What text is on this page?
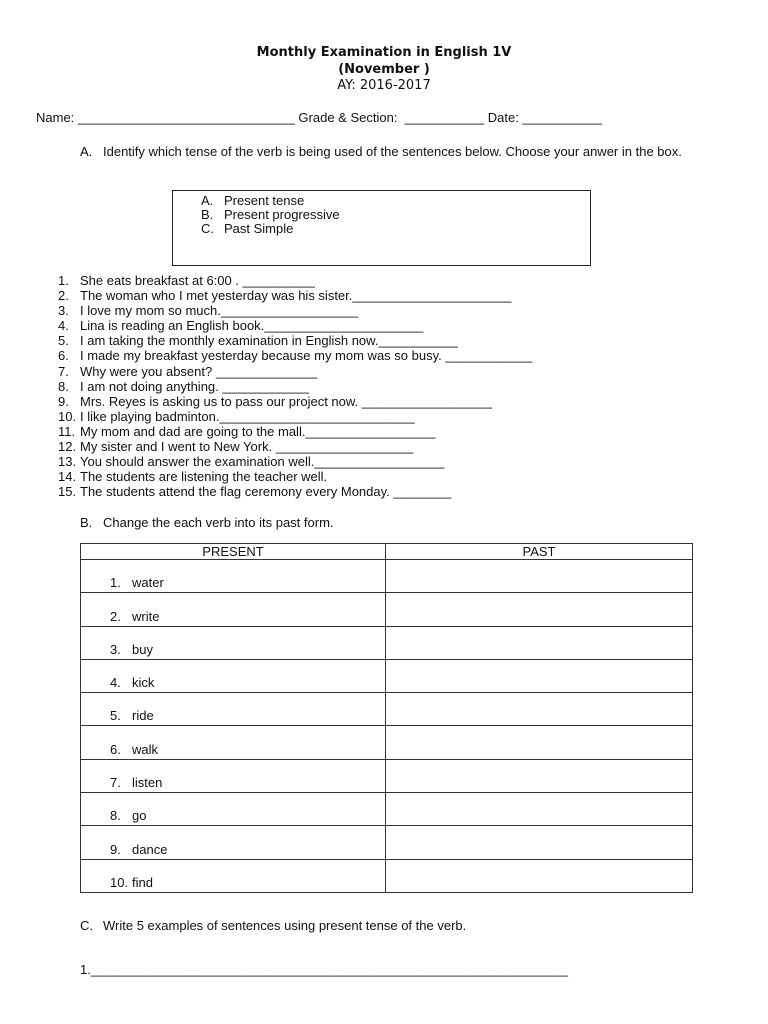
Monthly Examination in English 1V
(November )
AY: 2016-2017
Name: ______________________________ Grade & Section:  ___________ Date: ___________
A. Identify which tense of the verb is being used of the sentences below. Choose your anwer in the box.
A. Present tense
B. Present progressive
C. Past Simple
1. She eats breakfast at 6:00 . __________
2. The woman who I met yesterday was his sister.______________________
3. I love my mom so much.___________________
4. Lina is reading an English book.______________________
5. I am taking the monthly examination in English now.___________
6. I made my breakfast yesterday because my mom was so busy. ____________
7. Why were you absent? ______________
8. I am not doing anything. ____________
9. Mrs. Reyes is asking us to pass our project now. __________________
10. I like playing badminton.___________________________
11. My mom and dad are going to the mall.__________________
12. My sister and I went to New York. ___________________
13. You should answer the examination well.__________________
14. The students are listening the teacher well.
15. The students attend the flag ceremony every Monday. ________
B. Change the each verb into its past form.
PRESENT	PAST

1. water	

2. write	

3. buy	

4. kick	

5. ride	

6. walk	

7. listen	

8. go	

9. dance	

10. find	

C. Write 5 examples of sentences using present tense of the verb.
1.__________________________________________________________________
